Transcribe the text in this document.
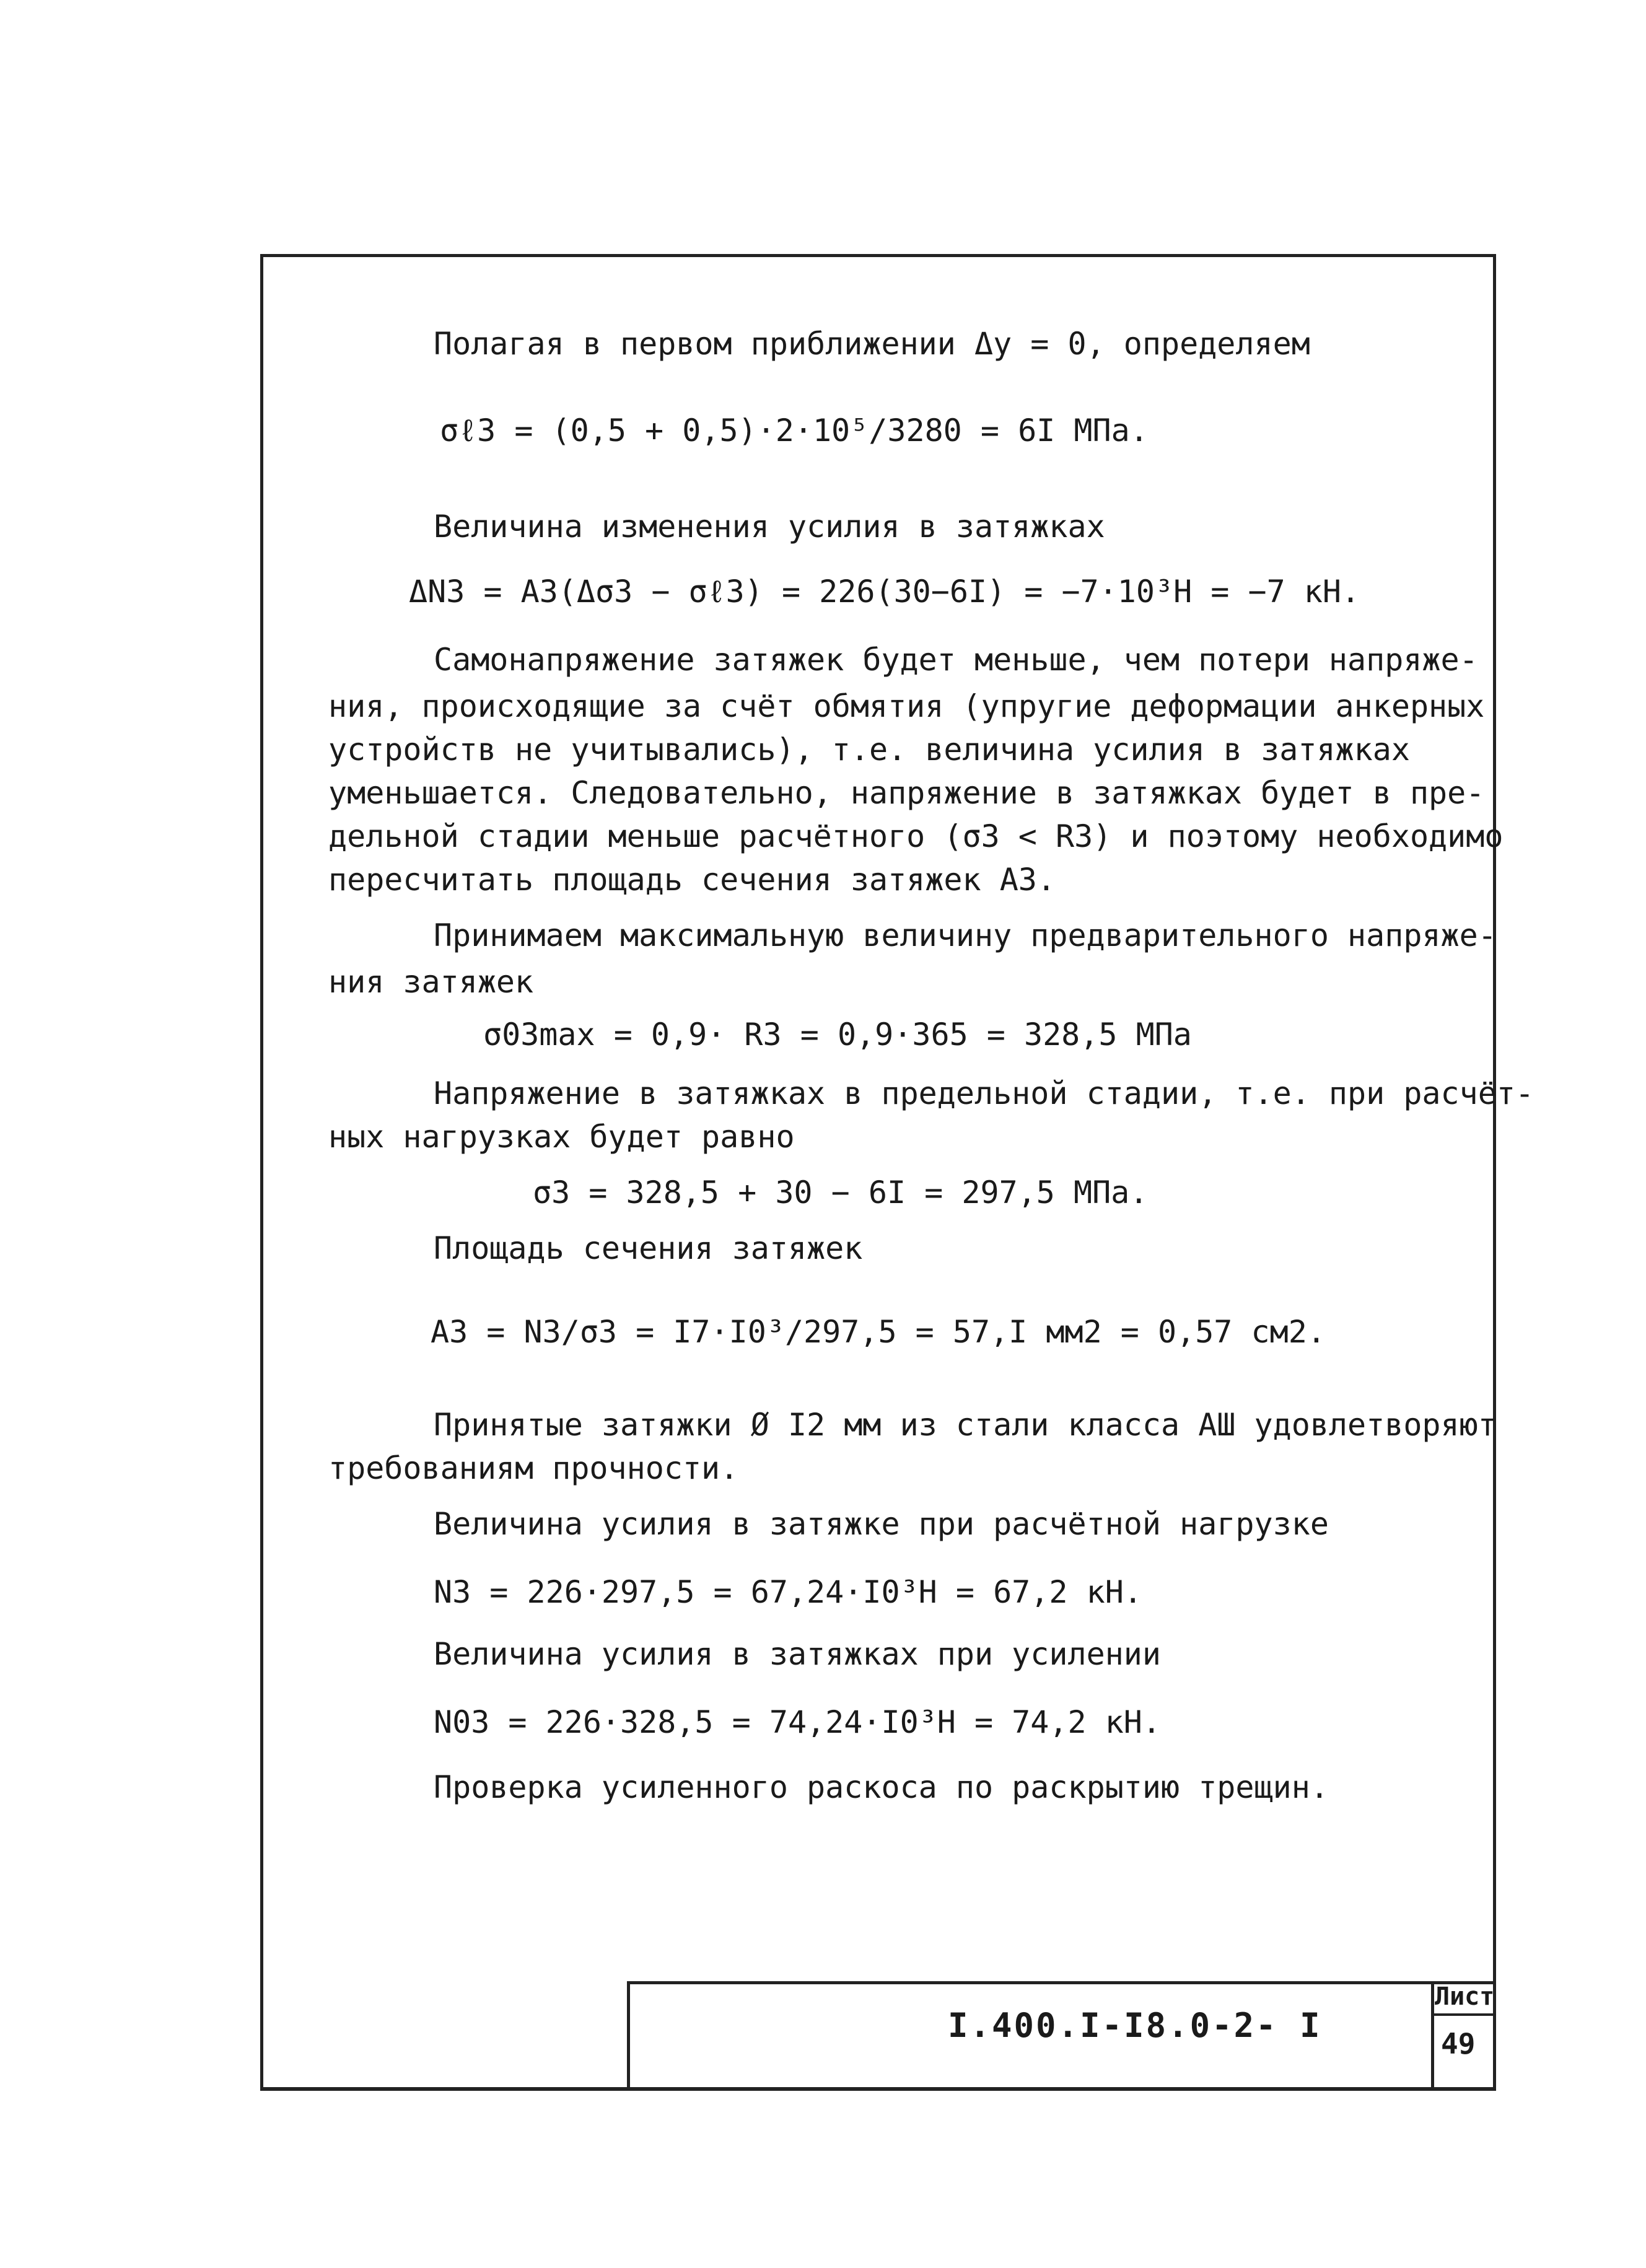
Полагая в первом приближении Δу = 0, определяем
σℓ3 = (0,5 + 0,5)·2·10⁵/3280 = 6I МПа.
Величина изменения усилия в затяжках
ΔN3 = A3(Δσ3 − σℓ3) = 226(30−6I) = −7·10³Н = −7 кН.
Самонапряжение затяжек будет меньше, чем потери напряже-
ния, происходящие за счёт обмятия (упругие деформации анкерных
устройств не учитывались), т.е. величина усилия в затяжках
уменьшается. Следовательно, напряжение в затяжках будет в пре-
дельной стадии меньше расчётного (σ3 < R3) и поэтому необходимо
пересчитать площадь сечения затяжек A3.
Принимаем максимальную величину предварительного напряже-
ния затяжек
σ03max = 0,9· R3 = 0,9·365 = 328,5 МПа
Напряжение в затяжках в предельной стадии, т.е. при расчёт-
ных нагрузках будет равно
σ3 = 328,5 + 30 − 6I = 297,5 МПа.
Площадь сечения затяжек
A3 = N3/σ3 = I7·I0³/297,5 = 57,I мм2 = 0,57 см2.
Принятые затяжки Ø I2 мм из стали класса АШ удовлетворяют
требованиям прочности.
Величина усилия в затяжке при расчётной нагрузке
N3 = 226·297,5 = 67,24·I0³Н = 67,2 кН.
Величина усилия в затяжках при усилении
N03 = 226·328,5 = 74,24·I0³Н = 74,2 кН.
Проверка усиленного раскоса по раскрытию трещин.
I.400.I-I8.0-2- I
Лист
49
